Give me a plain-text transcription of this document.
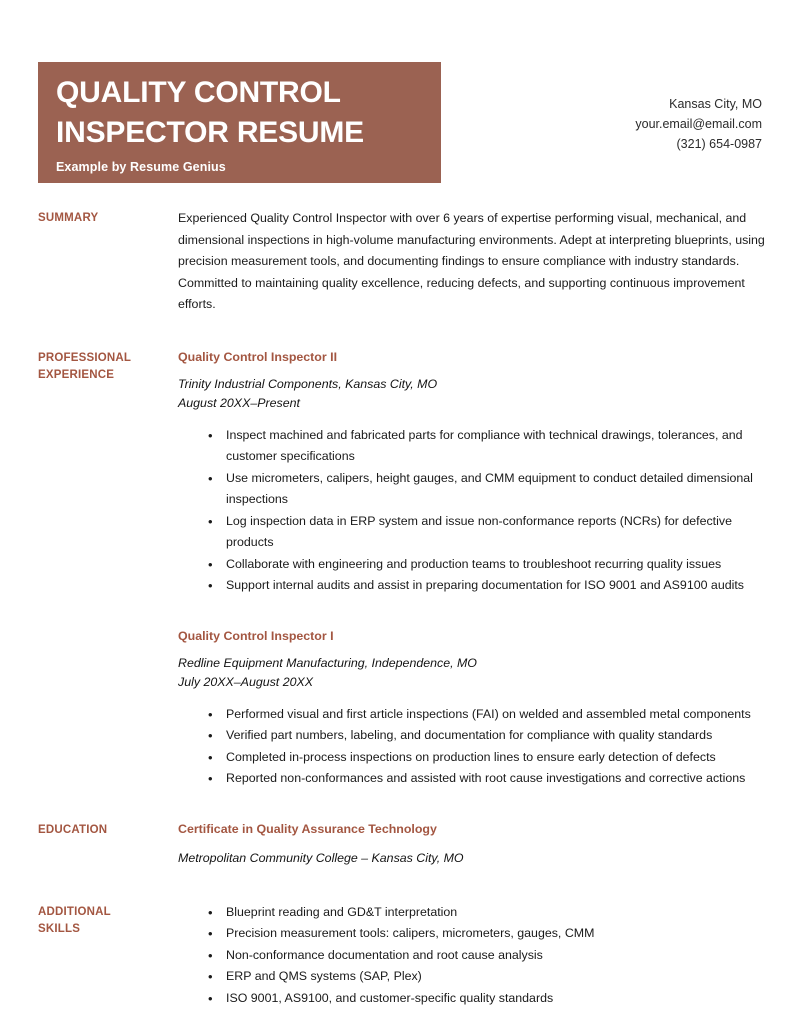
QUALITY CONTROL
INSPECTOR RESUME
Example by Resume Genius
Kansas City, MO
your.email@email.com
(321) 654-0987
SUMMARY	Experienced Quality Control Inspector with over 6 years of expertise performing visual, mechanical, and dimensional inspections in high-volume manufacturing environments. Adept at interpreting blueprints, using precision measurement tools, and documenting findings to ensure compliance with industry standards. Committed to maintaining quality excellence, reducing defects, and supporting continuous improvement efforts.
PROFESSIONAL
EXPERIENCE
Quality Control Inspector II
Trinity Industrial Components, Kansas City, MO
August 20XX–Present
• Inspect machined and fabricated parts for compliance with technical drawings, tolerances, and customer specifications
• Use micrometers, calipers, height gauges, and CMM equipment to conduct detailed dimensional inspections
• Log inspection data in ERP system and issue non-conformance reports (NCRs) for defective products
• Collaborate with engineering and production teams to troubleshoot recurring quality issues
• Support internal audits and assist in preparing documentation for ISO 9001 and AS9100 audits
Quality Control Inspector I
Redline Equipment Manufacturing, Independence, MO
July 20XX–August 20XX
• Performed visual and first article inspections (FAI) on welded and assembled metal components
• Verified part numbers, labeling, and documentation for compliance with quality standards
• Completed in-process inspections on production lines to ensure early detection of defects
• Reported non-conformances and assisted with root cause investigations and corrective actions
EDUCATION	Certificate in Quality Assurance Technology
Metropolitan Community College – Kansas City, MO
ADDITIONAL
SKILLS
• Blueprint reading and GD&T interpretation
• Precision measurement tools: calipers, micrometers, gauges, CMM
• Non-conformance documentation and root cause analysis
• ERP and QMS systems (SAP, Plex)
• ISO 9001, AS9100, and customer-specific quality standards
